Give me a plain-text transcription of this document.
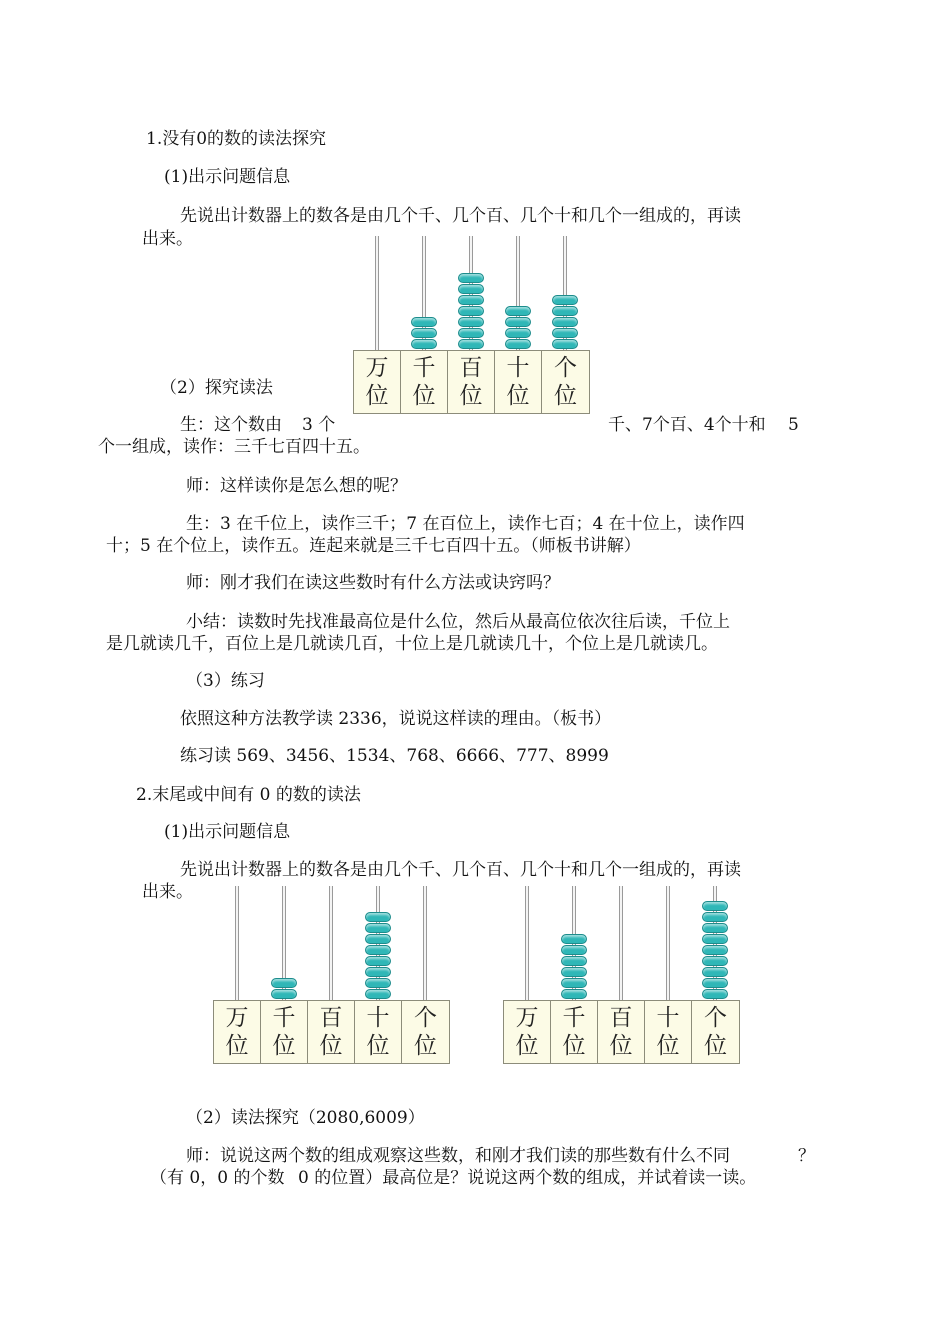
1.没有0的数的读法探究
(1)出示问题信息
先说出计数器上的数各是由几个千、几个百、几个十和几个一组成的，再读
出来。
万
位
千
位
百
位
十
位
个
位
（2）探究读法
生：这个数由 3 个	千、7个百、4个十和 5
个一组成，读作：三千七百四十五。
师：这样读你是怎么想的呢？
生：3 在千位上，读作三千；7 在百位上，读作七百；4 在十位上，读作四
十；5 在个位上，读作五。连起来就是三千七百四十五。（师板书讲解）
师：刚才我们在读这些数时有什么方法或诀窍吗？
小结：读数时先找准最高位是什么位，然后从最高位依次往后读，千位上
是几就读几千，百位上是几就读几百，十位上是几就读几十，个位上是几就读几。
（3）练习
依照这种方法教学读 2336，说说这样读的理由。（板书）
练习读 569、3456、1534、768、6666、777、8999
2.末尾或中间有 0 的数的读法
(1)出示问题信息
先说出计数器上的数各是由几个千、几个百、几个十和几个一组成的，再读
出来。
万
位
千
位
百
位
十
位
个
位
万
位
千
位
百
位
十
位
个
位
（2）读法探究（2080,6009）
师：说说这两个数的组成观察这些数，和刚才我们读的那些数有什么不同	？
（有 0，0 的个数 0 的位置）最高位是？说说这两个数的组成，并试着读一读。
